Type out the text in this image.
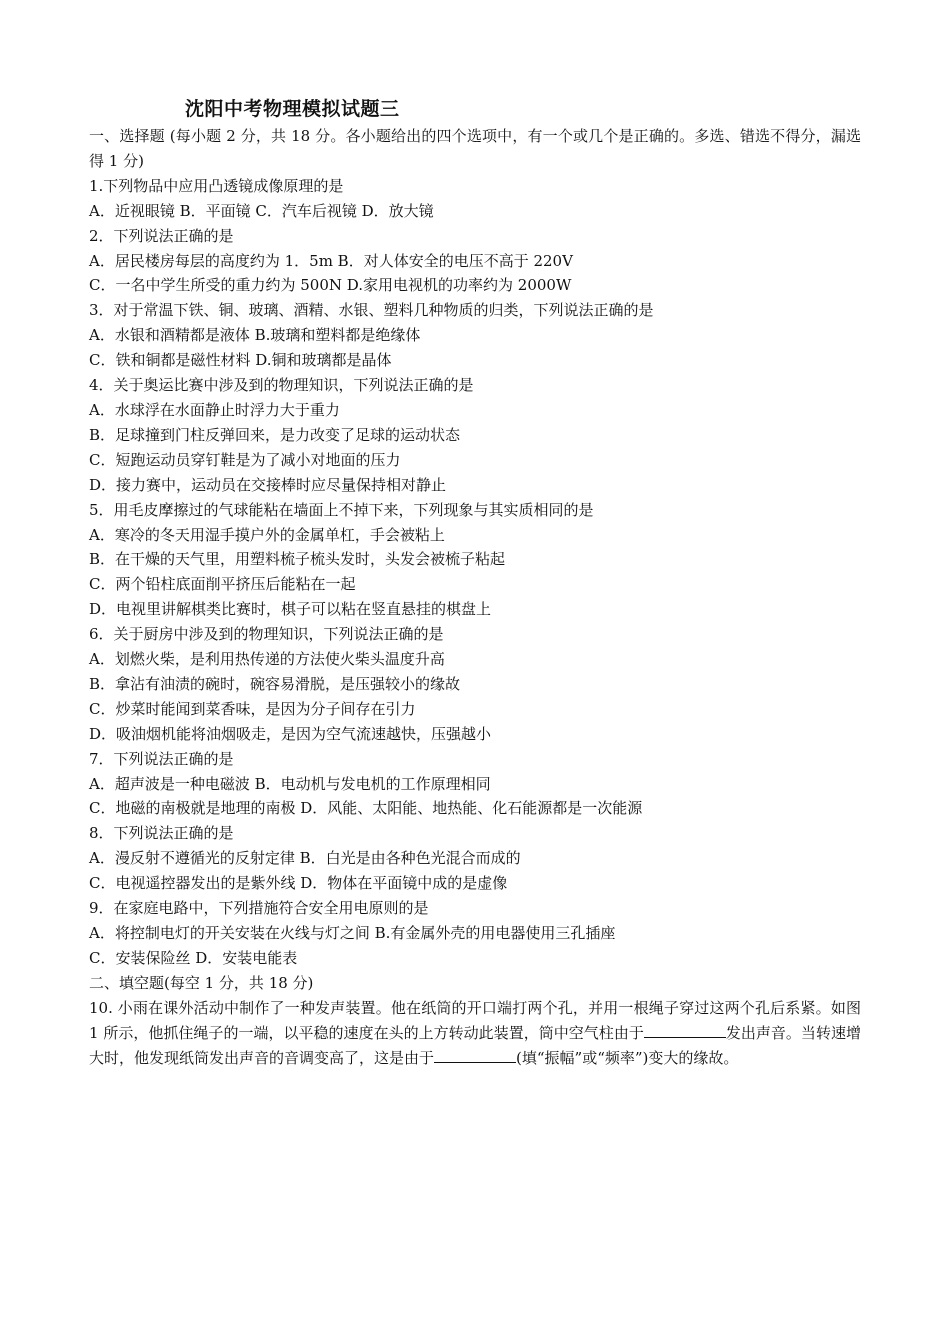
沈阳中考物理模拟试题三
一、选择题 (每小题 2 分，共 18 分。各小题给出的四个选项中，有一个或几个是正确的。多选、错选不得分，漏选得 1 分)
1.下列物品中应用凸透镜成像原理的是
A．近视眼镜 B．平面镜 C．汽车后视镜 D．放大镜
2．下列说法正确的是
A．居民楼房每层的高度约为 1．5m B．对人体安全的电压不高于 220V
C．一名中学生所受的重力约为 500N D.家用电视机的功率约为 2000W
3．对于常温下铁、铜、玻璃、酒精、水银、塑料几种物质的归类，下列说法正确的是
A．水银和酒精都是液体 B.玻璃和塑料都是绝缘体
C．铁和铜都是磁性材料 D.铜和玻璃都是晶体
4．关于奥运比赛中涉及到的物理知识，下列说法正确的是
A．水球浮在水面静止时浮力大于重力
B．足球撞到门柱反弹回来，是力改变了足球的运动状态
C．短跑运动员穿钉鞋是为了减小对地面的压力
D．接力赛中，运动员在交接棒时应尽量保持相对静止
5．用毛皮摩擦过的气球能粘在墙面上不掉下来，下列现象与其实质相同的是
A．寒冷的冬天用湿手摸户外的金属单杠，手会被粘上
B．在干燥的天气里，用塑料梳子梳头发时，头发会被梳子粘起
C．两个铅柱底面削平挤压后能粘在一起
D．电视里讲解棋类比赛时，棋子可以粘在竖直悬挂的棋盘上
6．关于厨房中涉及到的物理知识，下列说法正确的是
A．划燃火柴，是利用热传递的方法使火柴头温度升高
B．拿沾有油渍的碗时，碗容易滑脱，是压强较小的缘故
C．炒菜时能闻到菜香味，是因为分子间存在引力
D．吸油烟机能将油烟吸走，是因为空气流速越快，压强越小
7．下列说法正确的是
A．超声波是一种电磁波 B．电动机与发电机的工作原理相同
C．地磁的南极就是地理的南极 D．风能、太阳能、地热能、化石能源都是一次能源
8．下列说法正确的是
A．漫反射不遵循光的反射定律 B．白光是由各种色光混合而成的
C．电视遥控器发出的是紫外线 D．物体在平面镜中成的是虚像
9．在家庭电路中，下列措施符合安全用电原则的是
A．将控制电灯的开关安装在火线与灯之间 B.有金属外壳的用电器使用三孔插座
C．安装保险丝 D．安装电能表
二、填空题(每空 1 分，共 18 分)
10. 小雨在课外活动中制作了一种发声装置。他在纸筒的开口端打两个孔，并用一根绳子穿过这两个孔后系紧。如图 1 所示，他抓住绳子的一端，以平稳的速度在头的上方转动此装置，筒中空气柱由于	发出声音。当转速增大时，他发现纸筒发出声音的音调变高了，这是由于	(填“振幅”或“频率”)变大的缘故。
